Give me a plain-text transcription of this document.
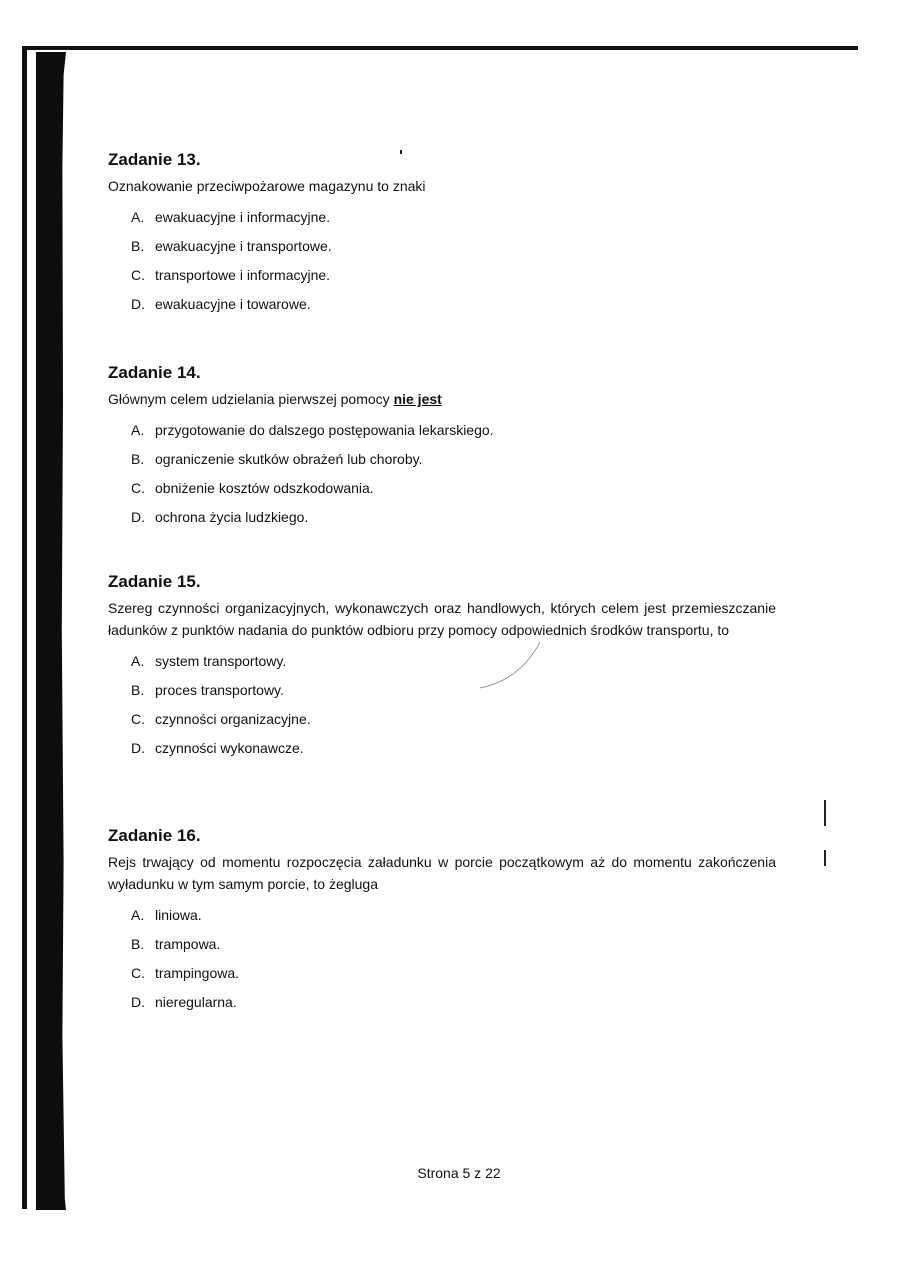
Zadanie 13.

Oznakowanie przeciwpożarowe magazynu to znaki

A. ewakuacyjne i informacyjne.
B. ewakuacyjne i transportowe.
C. transportowe i informacyjne.
D. ewakuacyjne i towarowe.

Zadanie 14.

Głównym celem udzielania pierwszej pomocy nie jest

A. przygotowanie do dalszego postępowania lekarskiego.
B. ograniczenie skutków obrażeń lub choroby.
C. obniżenie kosztów odszkodowania.
D. ochrona życia ludzkiego.

Zadanie 15.

Szereg czynności organizacyjnych, wykonawczych oraz handlowych, których celem jest przemieszczanie ładunków z punktów nadania do punktów odbioru przy pomocy odpowiednich środków transportu, to

A. system transportowy.
B. proces transportowy.
C. czynności organizacyjne.
D. czynności wykonawcze.

Zadanie 16.

Rejs trwający od momentu rozpoczęcia załadunku w porcie początkowym aż do momentu zakończenia wyładunku w tym samym porcie, to żegluga

A. liniowa.
B. trampowa.
C. trampingowa.
D. nieregularna.
Strona 5 z 22
